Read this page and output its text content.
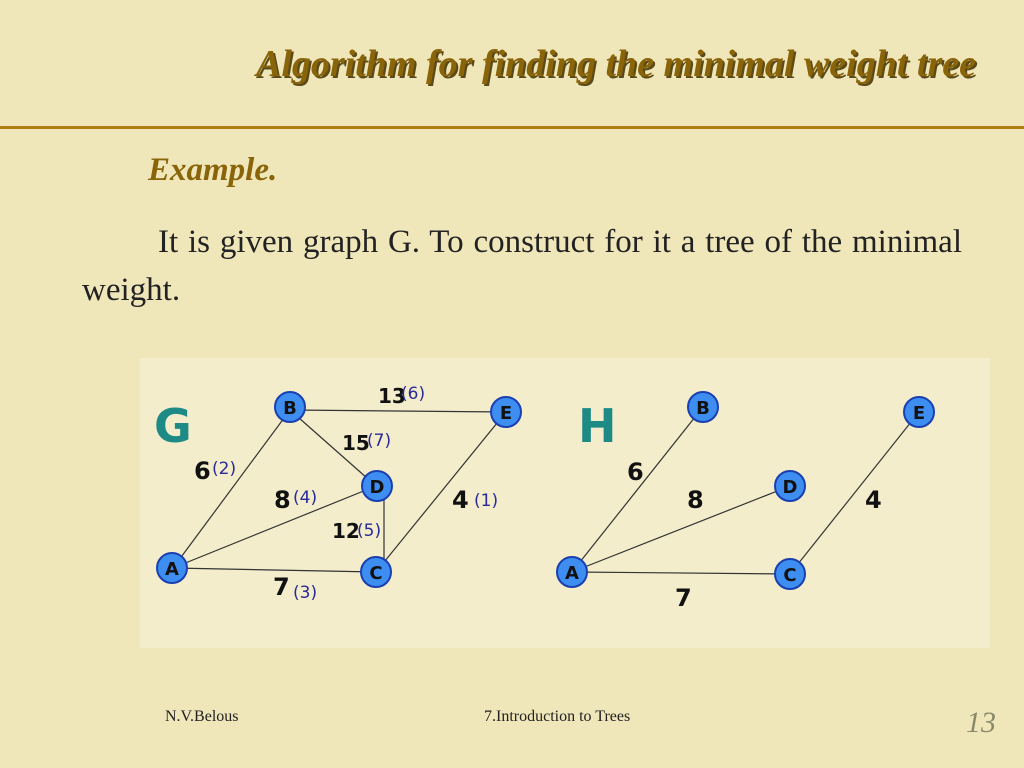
Algorithm for finding the minimal weight tree
Example.
It is given graph G. To construct for it a tree of the minimal weight.
13
(6)
15
(7)
6 (2)
8 (4)
12
(5)
4 (1)
7 (3)
B	E
D
A	C
G
6
8
7
4
B	E
D
A	C
H
N.V.Belous	7.Introduction to Trees	13
